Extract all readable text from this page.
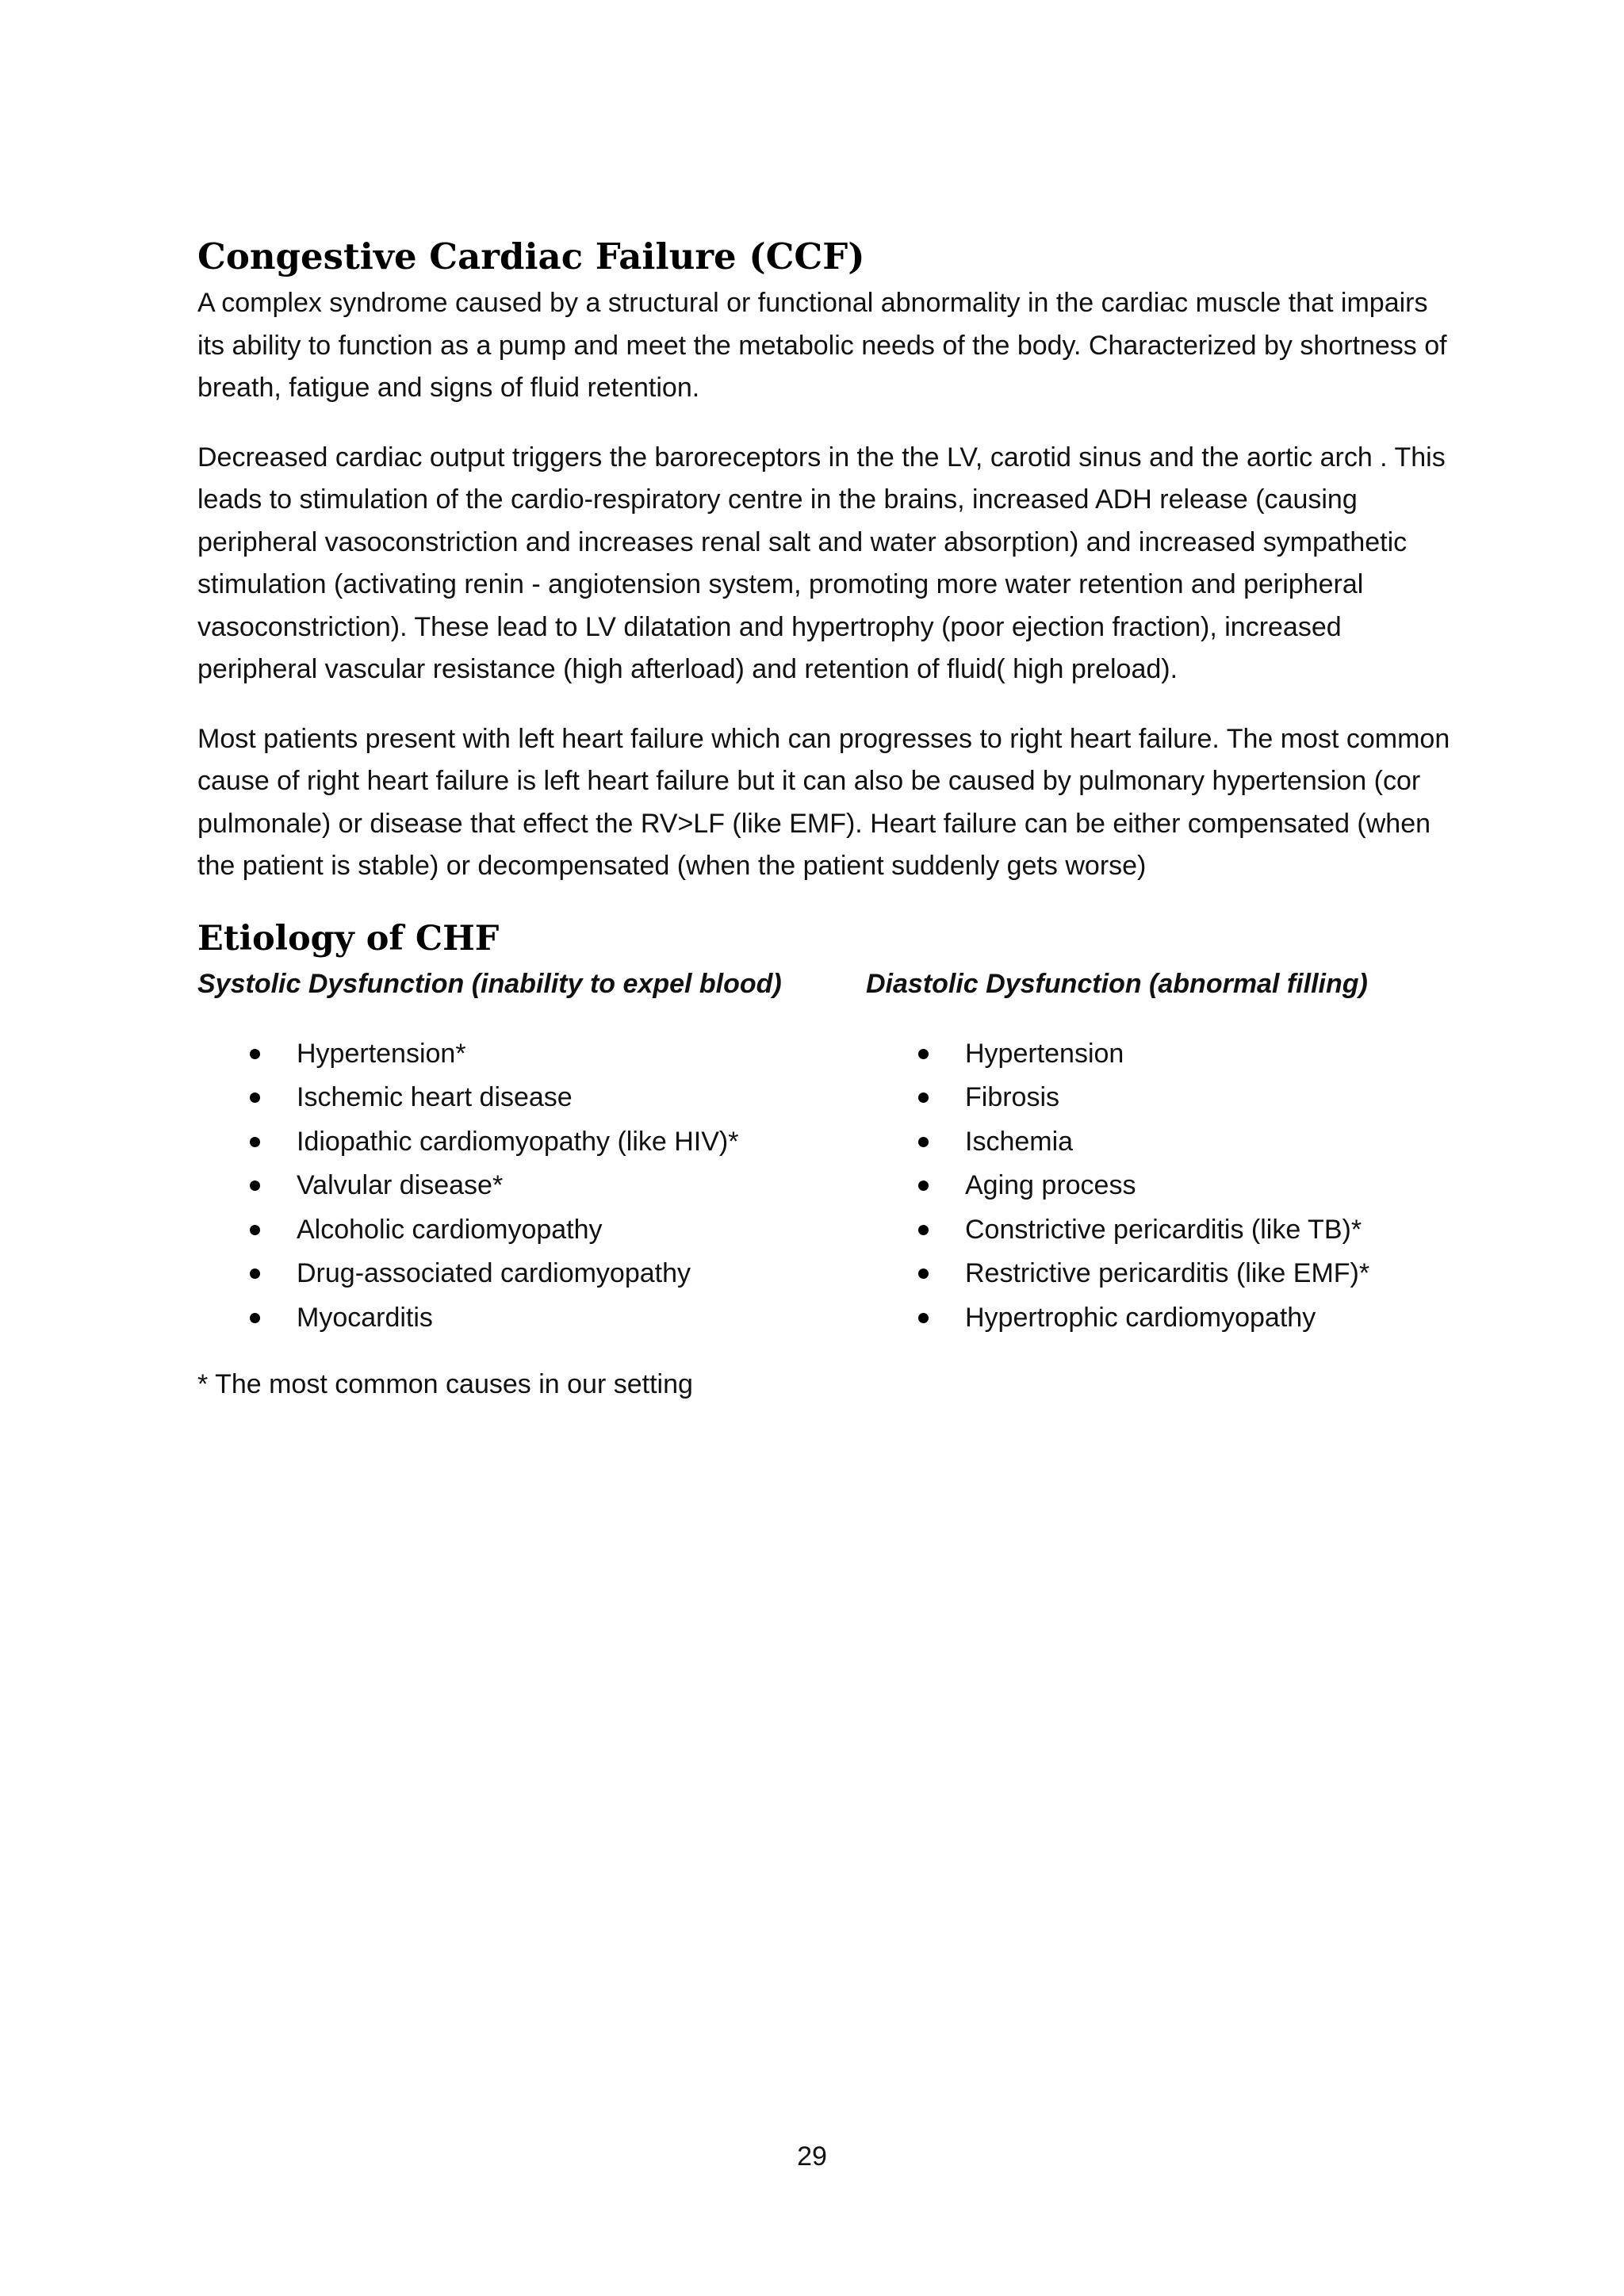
Congestive Cardiac Failure (CCF)

A complex syndrome caused by a structural or functional abnormality in the cardiac muscle that impairs its ability to function as a pump and meet the metabolic needs of the body. Characterized by shortness of breath, fatigue and signs of fluid retention.

Decreased cardiac output triggers the baroreceptors in the the LV, carotid sinus and the aortic arch . This leads to stimulation of the cardio-respiratory centre in the brains, increased ADH release (causing peripheral vasoconstriction and increases renal salt and water absorption) and increased sympathetic stimulation (activating renin - angiotension system, promoting more water retention and peripheral vasoconstriction). These lead to LV dilatation and hypertrophy (poor ejection fraction), increased peripheral vascular resistance (high afterload) and retention of fluid( high preload).

Most patients present with left heart failure which can progresses to right heart failure. The most common cause of right heart failure is left heart failure but it can also be caused by pulmonary hypertension (cor pulmonale) or disease that effect the RV>LF (like EMF). Heart failure can be either compensated (when the patient is stable) or decompensated (when the patient suddenly gets worse)

Etiology of CHF
Systolic Dysfunction (inability to expel blood)
Hypertension*
Ischemic heart disease
Idiopathic cardiomyopathy (like HIV)*
Valvular disease*
Alcoholic cardiomyopathy
Drug-associated cardiomyopathy
Myocarditis
Diastolic Dysfunction (abnormal filling)
Hypertension
Fibrosis
Ischemia
Aging process
Constrictive pericarditis (like TB)*
Restrictive pericarditis (like EMF)*
Hypertrophic cardiomyopathy
* The most common causes in our setting
29
